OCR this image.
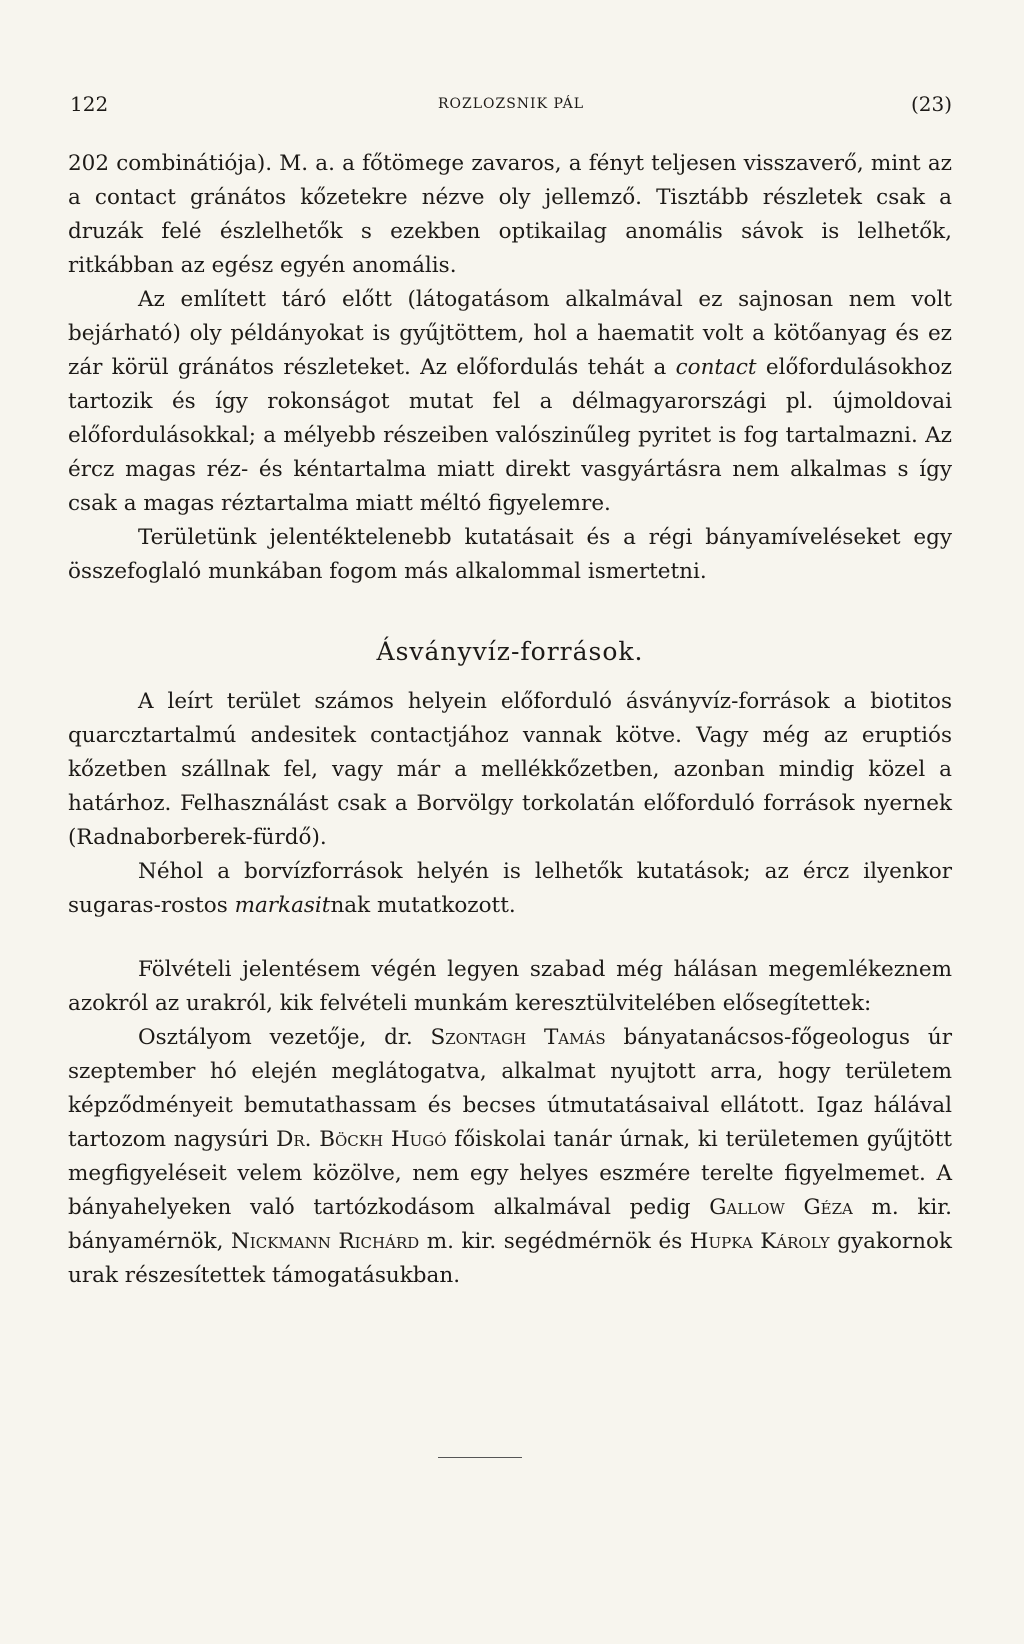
122	ROZLOZSNIK PÁL	(23)

202 combinátiója). M. a. a főtömege zavaros, a fényt teljesen visszaverő, mint az a contact gránátos kőzetekre nézve oly jellemző. Tisztább részletek csak a druzák felé észlelhetők s ezekben optikailag anomális sávok is lelhetők, ritkábban az egész egyén anomális.

Az említett táró előtt (látogatásom alkalmával ez sajnosan nem volt bejárható) oly példányokat is gyűjtöttem, hol a haematit volt a kötőanyag és ez zár körül gránátos részleteket. Az előfordulás tehát a contact előfordulásokhoz tartozik és így rokonságot mutat fel a délmagyarországi pl. újmoldovai előfordulásokkal; a mélyebb részeiben valószinűleg pyritet is fog tartalmazni. Az ércz magas réz- és kéntartalma miatt direkt vasgyártásra nem alkalmas s így csak a magas réztartalma miatt méltó figyelemre.

Területünk jelentéktelenebb kutatásait és a régi bányamíveléseket egy összefoglaló munkában fogom más alkalommal ismertetni.

Ásványvíz-források.

A leírt terület számos helyein előforduló ásványvíz-források a biotitos quarcztartalmú andesitek contactjához vannak kötve. Vagy még az eruptiós kőzetben szállnak fel, vagy már a mellékkőzetben, azonban mindig közel a határhoz. Felhasználást csak a Borvölgy torkolatán előforduló források nyernek (Radnaborberek-fürdő).

Néhol a borvízforrások helyén is lelhetők kutatások; az ércz ilyenkor sugaras-rostos markasitnak mutatkozott.

Fölvételi jelentésem végén legyen szabad még hálásan megemlékeznem azokról az urakról, kik felvételi munkám keresztülvitelében elősegítettek:

Osztályom vezetője, dr. Szontagh Tamás bányatanácsos-főgeologus úr szeptember hó elején meglátogatva, alkalmat nyujtott arra, hogy területem képződményeit bemutathassam és becses útmutatásaival ellátott. Igaz hálával tartozom nagysúri Dr. Böckh Hugó főiskolai tanár úrnak, ki területemen gyűjtött megfigyeléseit velem közölve, nem egy helyes eszmére terelte figyelmemet. A bányahelyeken való tartózkodásom alkalmával pedig Gallow Géza m. kir. bányamérnök, Nickmann Richárd m. kir. segédmérnök és Hupka Károly gyakornok urak részesítettek támogatásukban.
